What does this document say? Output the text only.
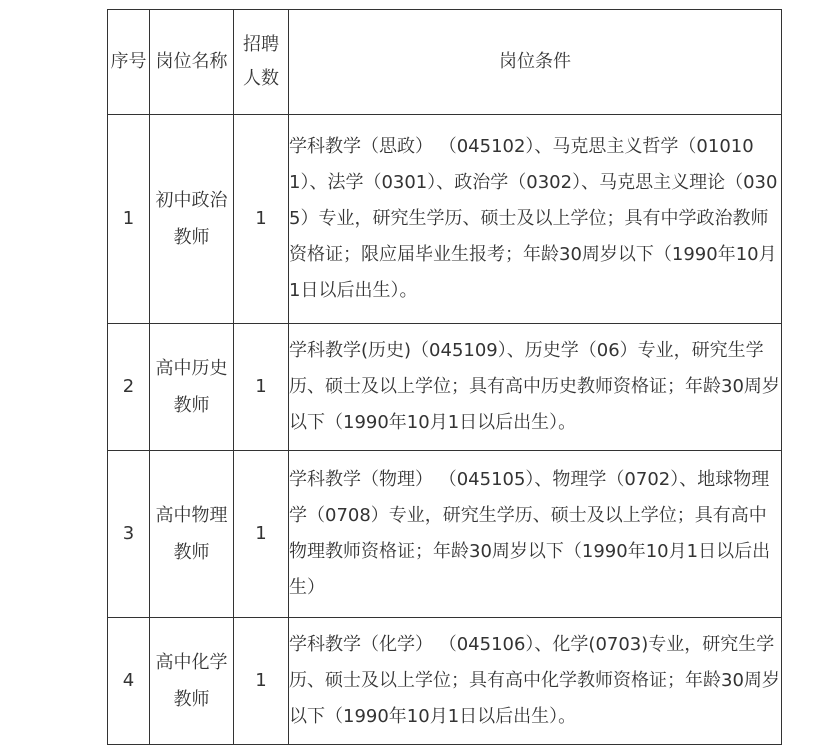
序号	岗位名称	招聘人数	岗位条件
1	初中政治教师	1	学科教学（思政） （045102）、马克思主义哲学（010101）、法学（0301）、政治学（0302）、马克思主义理论（0305）专业，研究生学历、硕士及以上学位；具有中学政治教师资格证；限应届毕业生报考；年龄30周岁以下（1990年10月1日以后出生）。
2	高中历史教师	1	学科教学(历史)（045109）、历史学（06）专业，研究生学历、硕士及以上学位；具有高中历史教师资格证；年龄30周岁以下（1990年10月1日以后出生）。
3	高中物理教师	1	学科教学（物理） （045105）、物理学（0702）、地球物理学（0708）专业，研究生学历、硕士及以上学位；具有高中物理教师资格证；年龄30周岁以下（1990年10月1日以后出生）
4	高中化学教师	1	学科教学（化学） （045106）、化学(0703)专业，研究生学历、硕士及以上学位；具有高中化学教师资格证；年龄30周岁以下（1990年10月1日以后出生）。
